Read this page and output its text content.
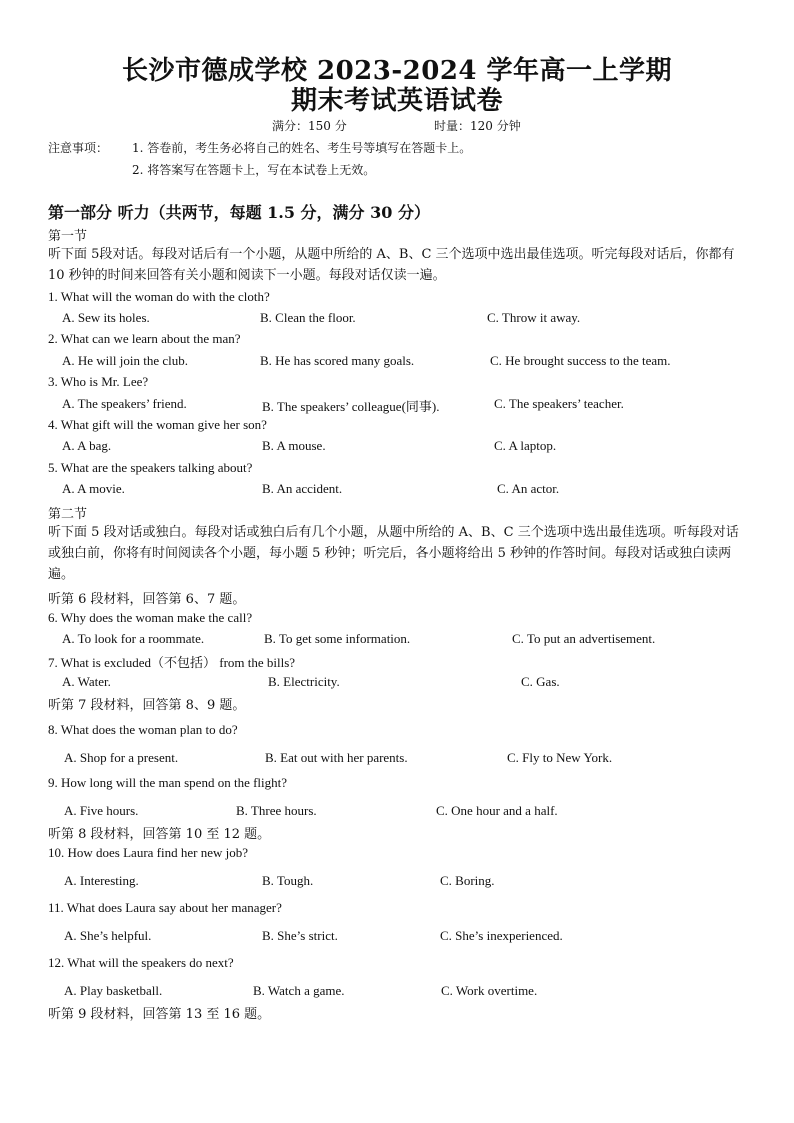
长沙市德成学校 2023-2024 学年高一上学期
期末考试英语试卷
满分：150 分	时量：120 分钟
注意事项： 1. 答卷前，考生务必将自己的姓名、考生号等填写在答题卡上。
2. 将答案写在答题卡上，写在本试卷上无效。
第一部分 听力（共两节，每题 1.5 分，满分 30 分）
第一节
听下面 5段对话。每段对话后有一个小题，从题中所给的 A、B、C 三个选项中选出最佳选项。听完每段对话后，你都有 10 秒钟的时间来回答有关小题和阅读下一小题。每段对话仅读一遍。
1. What will the woman do with the cloth?
A. Sew its holes.	B. Clean the floor.	C. Throw it away.
2. What can we learn about the man?
A. He will join the club.	B. He has scored many goals.	C. He brought success to the team.
3. Who is Mr. Lee?
A. The speakers’ friend.	B. The speakers’ colleague(同事).	C. The speakers’ teacher.
4. What gift will the woman give her son?
A. A bag.	B. A mouse.	C. A laptop.
5. What are the speakers talking about?
A. A movie.	B. An accident.	C. An actor.
第二节
听下面 5 段对话或独白。每段对话或独白后有几个小题，从题中所给的 A、B、C 三个选项中选出最佳选项。听每段对话或独白前，你将有时间阅读各个小题，每小题 5 秒钟；听完后，各小题将给出 5 秒钟的作答时间。每段对话或独白读两遍。
听第 6 段材料，回答第 6、7 题。
6. Why does the woman make the call?
A. To look for a roommate.	B. To get some information.	C. To put an advertisement.
7. What is excluded（不包括） from the bills?
A. Water.	B. Electricity.	C. Gas.
听第 7 段材料，回答第 8、9 题。
8. What does the woman plan to do?
A. Shop for a present.	B. Eat out with her parents.	C. Fly to New York.
9. How long will the man spend on the flight?
A. Five hours.	B. Three hours.	C. One hour and a half.
听第 8 段材料，回答第 10 至 12 题。
10. How does Laura find her new job?
A. Interesting.	B. Tough.	C. Boring.
11. What does Laura say about her manager?
A. She’s helpful.	B. She’s strict.	C. She’s inexperienced.
12. What will the speakers do next?
A. Play basketball.	B. Watch a game.	C. Work overtime.
听第 9 段材料，回答第 13 至 16 题。
